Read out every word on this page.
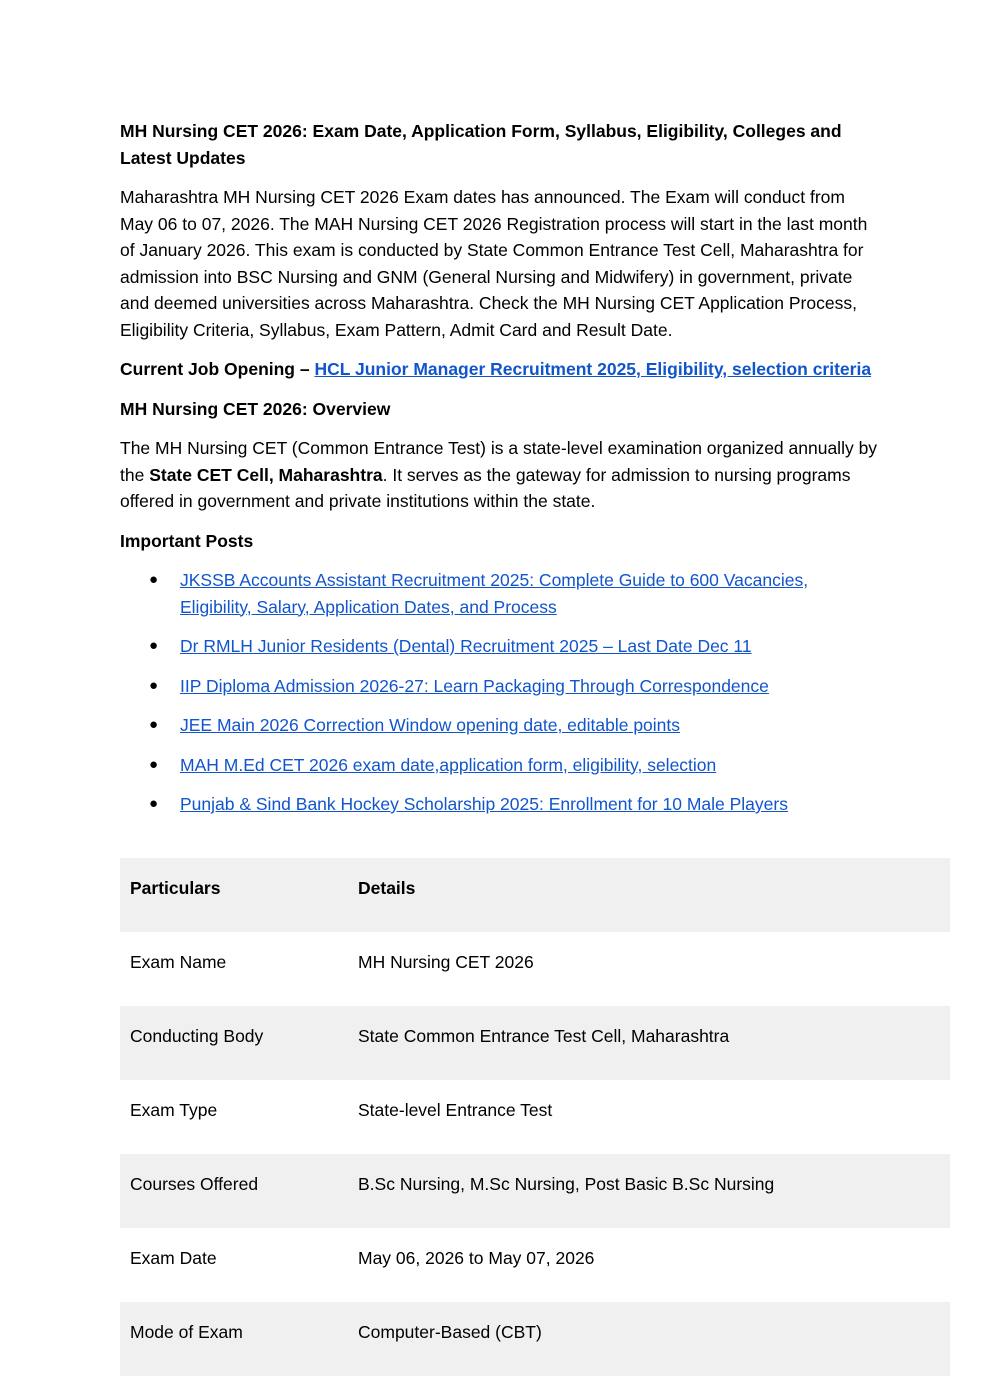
MH Nursing CET 2026: Exam Date, Application Form, Syllabus, Eligibility, Colleges and Latest Updates
Maharashtra MH Nursing CET 2026 Exam dates has announced. The Exam will conduct from May 06 to 07, 2026. The MAH Nursing CET 2026 Registration process will start in the last month of January 2026. This exam is conducted by State Common Entrance Test Cell, Maharashtra for admission into BSC Nursing and GNM (General Nursing and Midwifery) in government, private and deemed universities across Maharashtra. Check the MH Nursing CET Application Process, Eligibility Criteria, Syllabus, Exam Pattern, Admit Card and Result Date.
Current Job Opening – HCL Junior Manager Recruitment 2025, Eligibility, selection criteria
MH Nursing CET 2026: Overview
The MH Nursing CET (Common Entrance Test) is a state-level examination organized annually by the State CET Cell, Maharashtra. It serves as the gateway for admission to nursing programs offered in government and private institutions within the state.
Important Posts
● JKSSB Accounts Assistant Recruitment 2025: Complete Guide to 600 Vacancies, Eligibility, Salary, Application Dates, and Process
● Dr RMLH Junior Residents (Dental) Recruitment 2025 – Last Date Dec 11
● IIP Diploma Admission 2026-27: Learn Packaging Through Correspondence
● JEE Main 2026 Correction Window opening date, editable points
● MAH M.Ed CET 2026 exam date,application form, eligibility, selection
● Punjab & Sind Bank Hockey Scholarship 2025: Enrollment for 10 Male Players
Particulars	Details
Exam Name	MH Nursing CET 2026
Conducting Body	State Common Entrance Test Cell, Maharashtra
Exam Type	State-level Entrance Test
Courses Offered	B.Sc Nursing, M.Sc Nursing, Post Basic B.Sc Nursing
Exam Date	May 06, 2026 to May 07, 2026
Mode of Exam	Computer-Based (CBT)
